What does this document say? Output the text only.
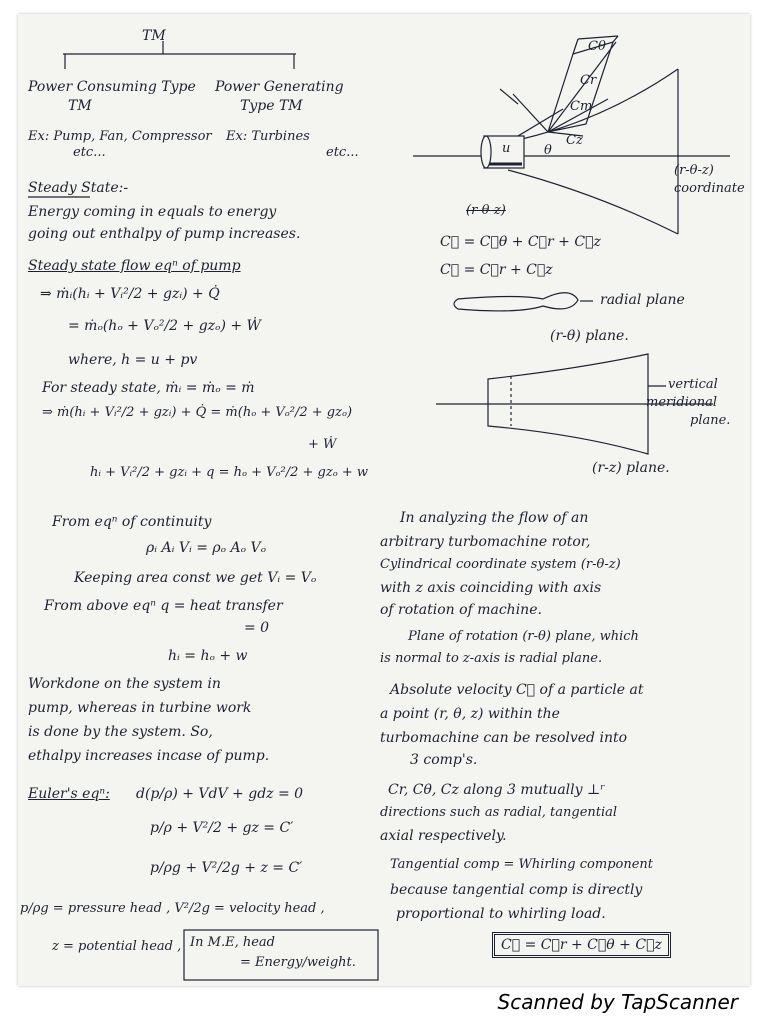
TM
Power Consuming Type
TM
Power Generating
Type TM
Ex: Pump, Fan, Compressor
etc...
Ex: Turbines
etc...
Steady State:-
Energy coming in equals to energy
going out enthalpy of pump increases.
Steady state flow eqⁿ of pump
⇒ ṁᵢ(hᵢ + Vᵢ²/2 + gzᵢ) + Q̇
= ṁₒ(hₒ + Vₒ²/2 + gzₒ) + Ẇ
where, h = u + pv
For steady state, ṁᵢ = ṁₒ = ṁ
⇒ ṁ(hᵢ + Vᵢ²/2 + gzᵢ) + Q̇ = ṁ(hₒ + Vₒ²/2 + gzₒ)
+ Ẇ
hᵢ + Vᵢ²/2 + gzᵢ + q = hₒ + Vₒ²/2 + gzₒ + w
From eqⁿ of continuity
ρᵢ Aᵢ Vᵢ = ρₒ Aₒ Vₒ
Keeping area const we get Vᵢ = Vₒ
From above eqⁿ q = heat transfer
= 0
hᵢ = hₒ + w
Workdone on the system in
pump, whereas in turbine work
is done by the system. So,
ethalpy increases incase of pump.
Euler's eqⁿ: d(p/ρ) + VdV + gdz = 0
p/ρ + V²/2 + gz = C′
p/ρg + V²/2g + z = C′
p/ρg = pressure head , V²/2g = velocity head ,
z = potential head , In M.E, head
= Energy/weight.
Cθ
Cr
Cm
u
Cz
θ
(r-θ-z)
coordinate
(r-θ-z)
C⃗ = C⃗θ + C⃗r + C⃗z
C⃗ = C⃗r + C⃗z
radial plane
(r-θ) plane.
vertical
meridional
plane.
(r-z) plane.
In analyzing the flow of an
arbitrary turbomachine rotor,
Cylindrical coordinate system (r-θ-z)
with z axis coinciding with axis
of rotation of machine.
Plane of rotation (r-θ) plane, which
is normal to z-axis is radial plane.
Absolute velocity C⃗ of a particle at
a point (r, θ, z) within the
turbomachine can be resolved into
3 comp's.
Cr, Cθ, Cz along 3 mutually ⊥ʳ
directions such as radial, tangential
axial respectively.
Tangential comp = Whirling component
because tangential comp is directly
proportional to whirling load.
C⃗ = C⃗r + C⃗θ + C⃗z
Scanned by TapScanner
